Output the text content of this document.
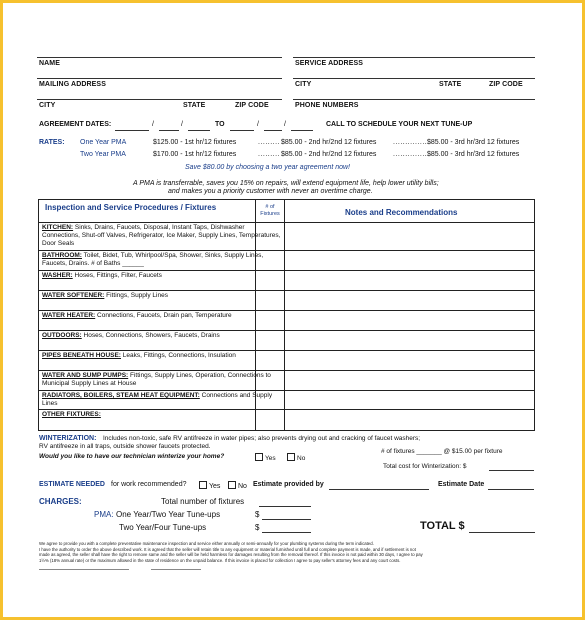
NAME	SERVICE ADDRESS
MAILING ADDRESS	CITY	STATE	ZIP CODE
CITY	STATE	ZIP CODE	PHONE NUMBERS
AGREEMENT DATES:	/	/	TO	/	/	CALL TO SCHEDULE YOUR NEXT TUNE-UP
RATES: One Year PMA	$125.00 - 1st hr/12 fixtures	$85.00 - 2nd hr/2nd 12 fixtures	$85.00 - 3rd hr/3rd 12 fixtures
.........	..............
Two Year PMA	$170.00 - 1st hr/12 fixtures	$85.00 - 2nd hr/2nd 12 fixtures	$85.00 - 3rd hr/3rd 12 fixtures
.........	..............
Save $80.00 by choosing a two year agreement now!
A PMA is transferrable, saves you 15% on repairs, will extend equipment life, help lower utility bills;
and makes you a priority customer with never an overtime charge.
Inspection and Service Procedures / Fixtures	# of Fixtures	Notes and Recommendations
KITCHEN: Sinks, Drains, Faucets, Disposal, Instant Taps, Dishwasher Connections, Shut-off Valves, Refrigerator, Ice Maker, Supply Lines, Temperatures, Door Seals
BATHROOM: Toilet, Bidet, Tub, Whirlpool/Spa, Shower, Sinks, Supply Lines, Faucets, Drains. # of Baths ______
WASHER: Hoses, Fittings, Filter, Faucets
WATER SOFTENER: Fittings, Supply Lines
WATER HEATER: Connections, Faucets, Drain pan, Temperature
OUTDOORS: Hoses, Connections, Showers, Faucets, Drains
PIPES BENEATH HOUSE: Leaks, Fittings, Connections, Insulation
WATER AND SUMP PUMPS: Fittings, Supply Lines, Operation, Connections to Municipal Supply Lines at House
RADIATORS, BOILERS, STEAM HEAT EQUIPMENT: Connections and Supply Lines
OTHER FIXTURES:
WINTERIZATION: Includes non-toxic, safe RV antifreeze in water pipes; also prevents drying out and cracking of faucet washers;
RV antifreeze in all traps, outside shower faucets protected.
# of fixtures _______ @ $15.00 per fixture
Would you like to have our technician winterize your home?	Yes	No
Total cost for Winterization: $
ESTIMATE NEEDED for work recommended?	Yes	No Estimate provided by	Estimate Date
CHARGES:	Total number of fixtures
PMA: One Year/Two Year Tune-ups	$
Two Year/Four Tune-ups	$	TOTAL $
We agree to provide you with a complete preventative maintenance inspection and service either annually or semi-annually for your plumbing systems during the term indicated.
I have the authority to order the above described work. It is agreed that the seller will retain title to any equipment or material furnished until full and complete payment is made, and if settlement is not
made as agreed, the seller shall have the right to remove same and the seller will be held harmless for damages resulting from the removal thereof. If this invoice is not paid within 30 days, I agree to pay
1½% (18% annual rate) or the maximum allowed in the state of residence on the unpaid balance. If this invoice is placed for collection I agree to pay seller's attorney fees and any court costs.
